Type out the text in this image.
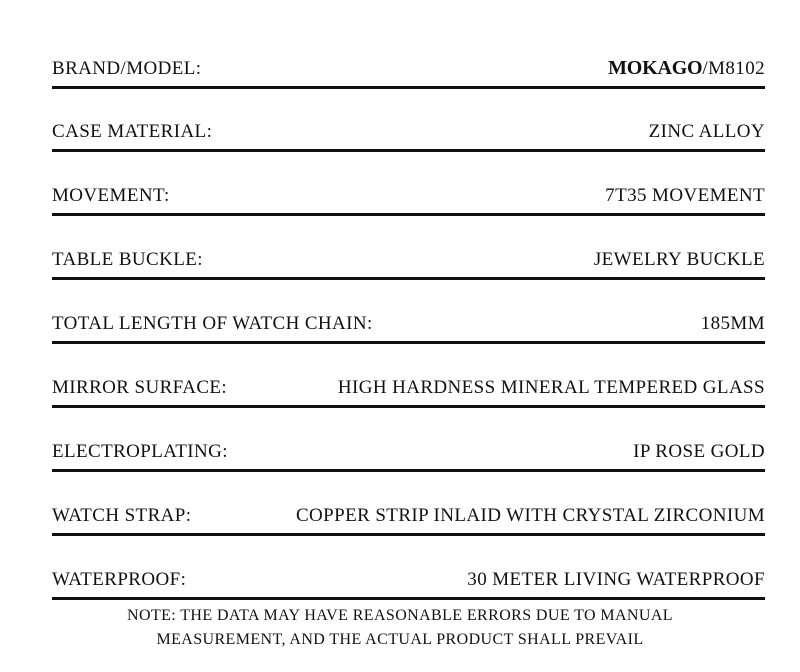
BRAND/MODEL:	MOKAGO/M8102
CASE MATERIAL:	ZINC ALLOY
MOVEMENT:	7T35 MOVEMENT
TABLE BUCKLE:	JEWELRY BUCKLE
TOTAL LENGTH OF WATCH CHAIN:	185MM
MIRROR SURFACE:	HIGH HARDNESS MINERAL TEMPERED GLASS
ELECTROPLATING:	IP ROSE GOLD
WATCH STRAP:	COPPER STRIP INLAID WITH CRYSTAL ZIRCONIUM
WATERPROOF:	30 METER LIVING WATERPROOF
NOTE: THE DATA MAY HAVE REASONABLE ERRORS DUE TO MANUAL
MEASUREMENT, AND THE ACTUAL PRODUCT SHALL PREVAIL
